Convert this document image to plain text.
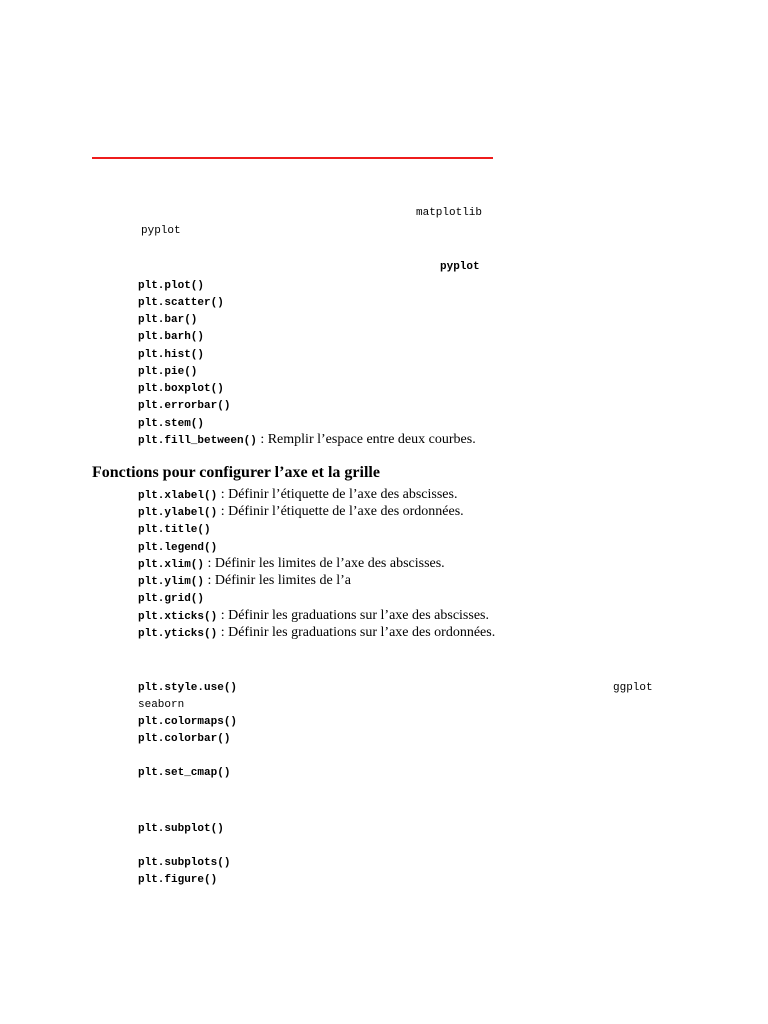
matplotlib
pyplot
pyplot
plt.plot()
plt.scatter()
plt.bar()
plt.barh()
plt.hist()
plt.pie()
plt.boxplot()
plt.errorbar()
plt.stem()
plt.fill_between() : Remplir l’espace entre deux courbes.
Fonctions pour configurer l’axe et la grille
plt.xlabel() : Définir l’étiquette de l’axe des abscisses.
plt.ylabel() : Définir l’étiquette de l’axe des ordonnées.
plt.title()
plt.legend()
plt.xlim() : Définir les limites de l’axe des abscisses.
plt.ylim() : Définir les limites de l’a
plt.grid()
plt.xticks() : Définir les graduations sur l’axe des abscisses.
plt.yticks() : Définir les graduations sur l’axe des ordonnées.
plt.style.use()	ggplot
seaborn
plt.colormaps()
plt.colorbar()
plt.set_cmap()
plt.subplot()
plt.subplots()
plt.figure()
